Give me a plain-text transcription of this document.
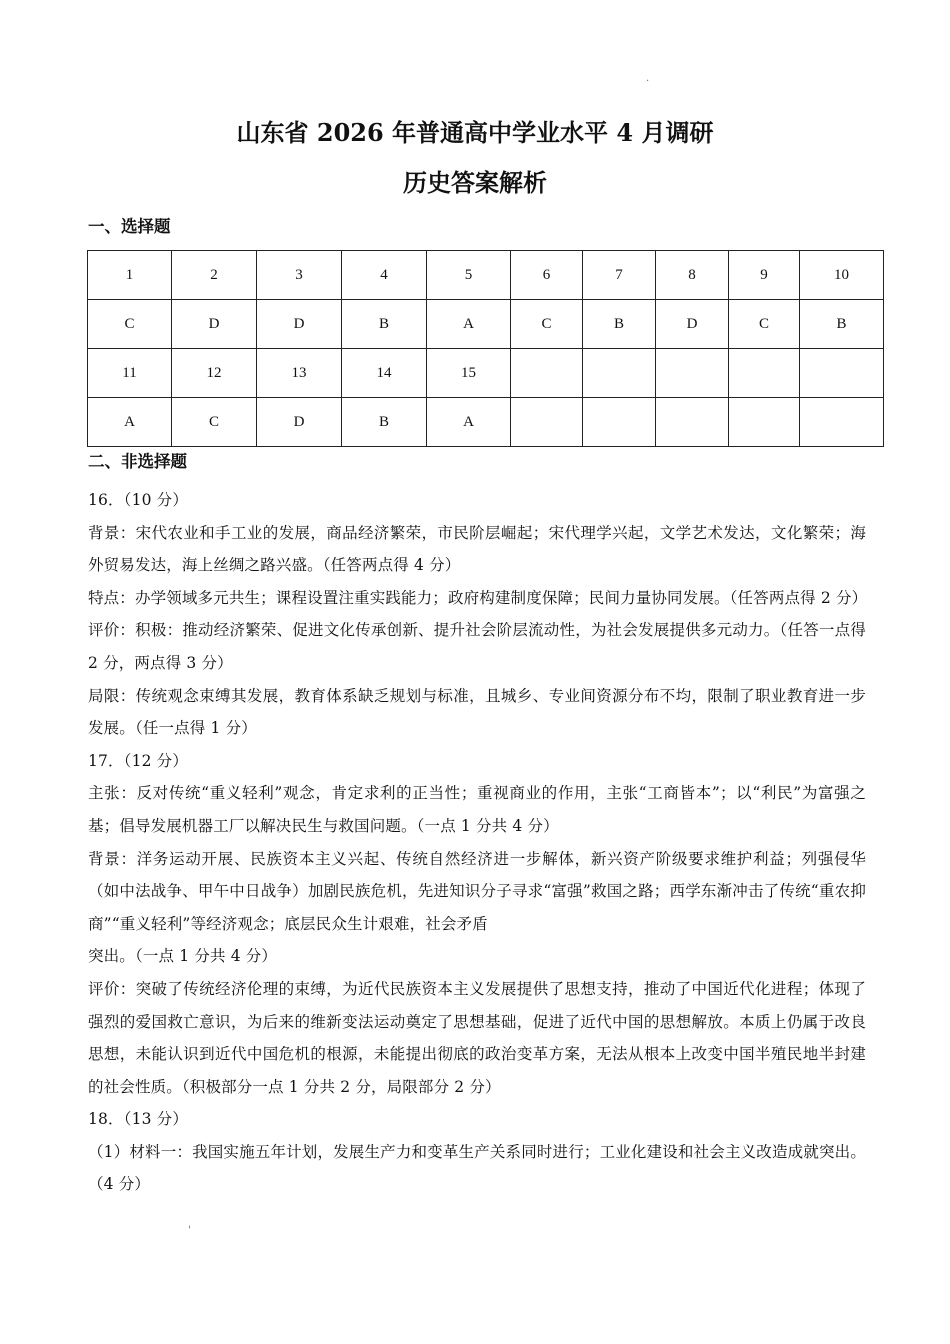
.
山东省 2026 年普通高中学业水平 4 月调研
历史答案解析
一、选择题
1	2	3	4	5	6	7	8	9	10
C	D	D	B	A	C	B	D	C	B
11	12	13	14	15					
A	C	D	B	A					
二、非选择题

16．（10 分）

背景：宋代农业和手工业的发展，商品经济繁荣，市民阶层崛起；宋代理学兴起，文学艺术发达，文化繁荣；海外贸易发达，海上丝绸之路兴盛。（任答两点得 4 分）

特点：办学领域多元共生；课程设置注重实践能力；政府构建制度保障；民间力量协同发展。（任答两点得 2 分）

评价：积极：推动经济繁荣、促进文化传承创新、提升社会阶层流动性，为社会发展提供多元动力。（任答一点得 2 分，两点得 3 分）

局限：传统观念束缚其发展，教育体系缺乏规划与标准，且城乡、专业间资源分布不均，限制了职业教育进一步发展。（任一点得 1 分）

17．（12 分）

主张：反对传统“重义轻利”观念，肯定求利的正当性；重视商业的作用，主张“工商皆本”；以“利民”为富强之基；倡导发展机器工厂以解决民生与救国问题。（一点 1 分共 4 分）

背景：洋务运动开展、民族资本主义兴起、传统自然经济进一步解体，新兴资产阶级要求维护利益；列强侵华（如中法战争、甲午中日战争）加剧民族危机，先进知识分子寻求“富强”救国之路；西学东渐冲击了传统“重农抑商”“重义轻利”等经济观念；底层民众生计艰难，社会矛盾

突出。（一点 1 分共 4 分）

评价：突破了传统经济伦理的束缚，为近代民族资本主义发展提供了思想支持，推动了中国近代化进程；体现了强烈的爱国救亡意识，为后来的维新变法运动奠定了思想基础，促进了近代中国的思想解放。本质上仍属于改良思想，未能认识到近代中国危机的根源，未能提出彻底的政治变革方案，无法从根本上改变中国半殖民地半封建的社会性质。（积极部分一点 1 分共 2 分，局限部分 2 分）

18．（13 分）

（1）材料一：我国实施五年计划，发展生产力和变革生产关系同时进行；工业化建设和社会主义改造成就突出。（4 分）

'
